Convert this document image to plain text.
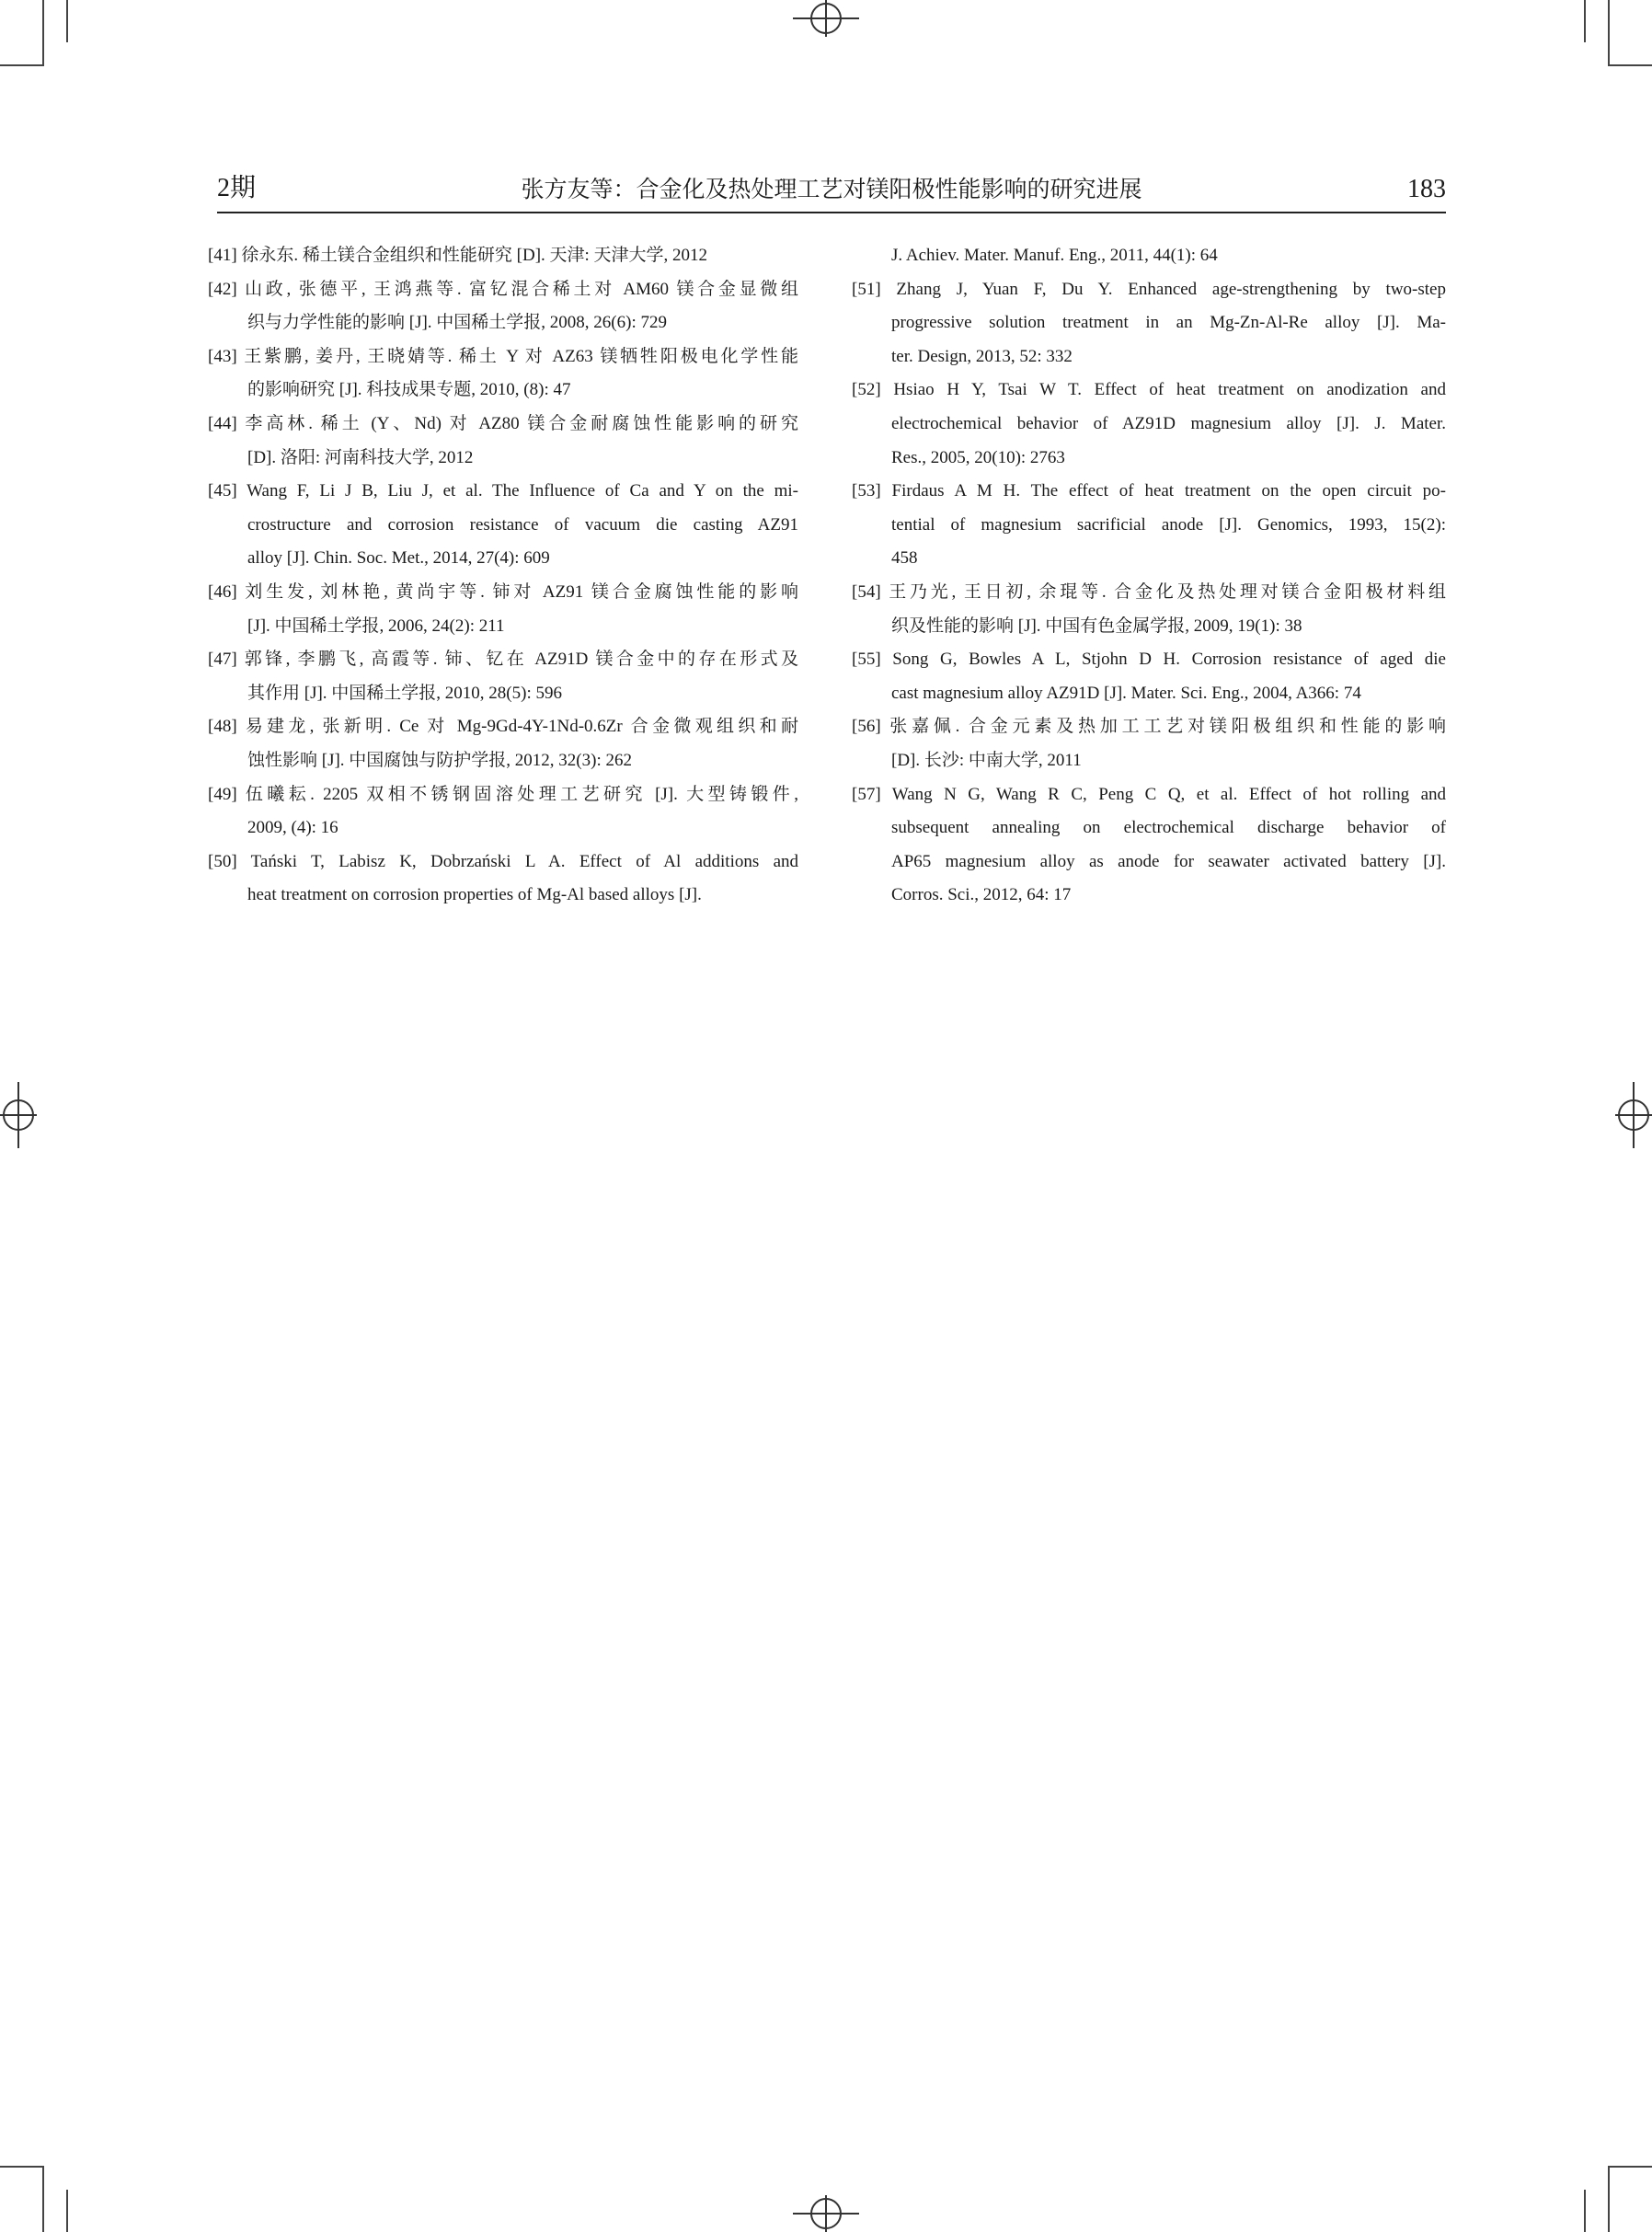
2期	张方友等：合金化及热处理工艺对镁阳极性能影响的研究进展	183
[41] 徐永东. 稀土镁合金组织和性能研究 [D]. 天津: 天津大学, 2012
[42] 山政, 张德平, 王鸿燕等. 富钇混合稀土对 AM60 镁合金显微组
织与力学性能的影响 [J]. 中国稀土学报, 2008, 26(6): 729
[43] 王紫鹏, 姜丹, 王晓婧等. 稀土 Y 对 AZ63 镁牺牲阳极电化学性能
的影响研究 [J]. 科技成果专题, 2010, (8): 47
[44] 李高林. 稀土 (Y、Nd) 对 AZ80 镁合金耐腐蚀性能影响的研究
[D]. 洛阳: 河南科技大学, 2012
[45] Wang F, Li J B, Liu J, et al. The Influence of Ca and Y on the mi-
crostructure and corrosion resistance of vacuum die casting AZ91
alloy [J]. Chin. Soc. Met., 2014, 27(4): 609
[46] 刘生发, 刘林艳, 黄尚宇等. 铈对 AZ91 镁合金腐蚀性能的影响
[J]. 中国稀土学报, 2006, 24(2): 211
[47] 郭锋, 李鹏飞, 高霞等. 铈、钇在 AZ91D 镁合金中的存在形式及
其作用 [J]. 中国稀土学报, 2010, 28(5): 596
[48] 易建龙, 张新明. Ce 对 Mg-9Gd-4Y-1Nd-0.6Zr 合金微观组织和耐
蚀性影响 [J]. 中国腐蚀与防护学报, 2012, 32(3): 262
[49] 伍曦耘. 2205 双相不锈钢固溶处理工艺研究 [J]. 大型铸锻件,
2009, (4): 16
[50] Tański T, Labisz K, Dobrzański L A. Effect of Al additions and
heat treatment on corrosion properties of Mg-Al based alloys [J].
J. Achiev. Mater. Manuf. Eng., 2011, 44(1): 64
[51] Zhang J, Yuan F, Du Y. Enhanced age-strengthening by two-step
progressive solution treatment in an Mg-Zn-Al-Re alloy [J]. Ma-
ter. Design, 2013, 52: 332
[52] Hsiao H Y, Tsai W T. Effect of heat treatment on anodization and
electrochemical behavior of AZ91D magnesium alloy [J]. J. Mater.
Res., 2005, 20(10): 2763
[53] Firdaus A M H. The effect of heat treatment on the open circuit po-
tential of magnesium sacrificial anode [J]. Genomics, 1993, 15(2):
458
[54] 王乃光, 王日初, 余琨等. 合金化及热处理对镁合金阳极材料组
织及性能的影响 [J]. 中国有色金属学报, 2009, 19(1): 38
[55] Song G, Bowles A L, Stjohn D H. Corrosion resistance of aged die
cast magnesium alloy AZ91D [J]. Mater. Sci. Eng., 2004, A366: 74
[56] 张嘉佩. 合金元素及热加工工艺对镁阳极组织和性能的影响
[D]. 长沙: 中南大学, 2011
[57] Wang N G, Wang R C, Peng C Q, et al. Effect of hot rolling and
subsequent annealing on electrochemical discharge behavior of
AP65 magnesium alloy as anode for seawater activated battery [J].
Corros. Sci., 2012, 64: 17
